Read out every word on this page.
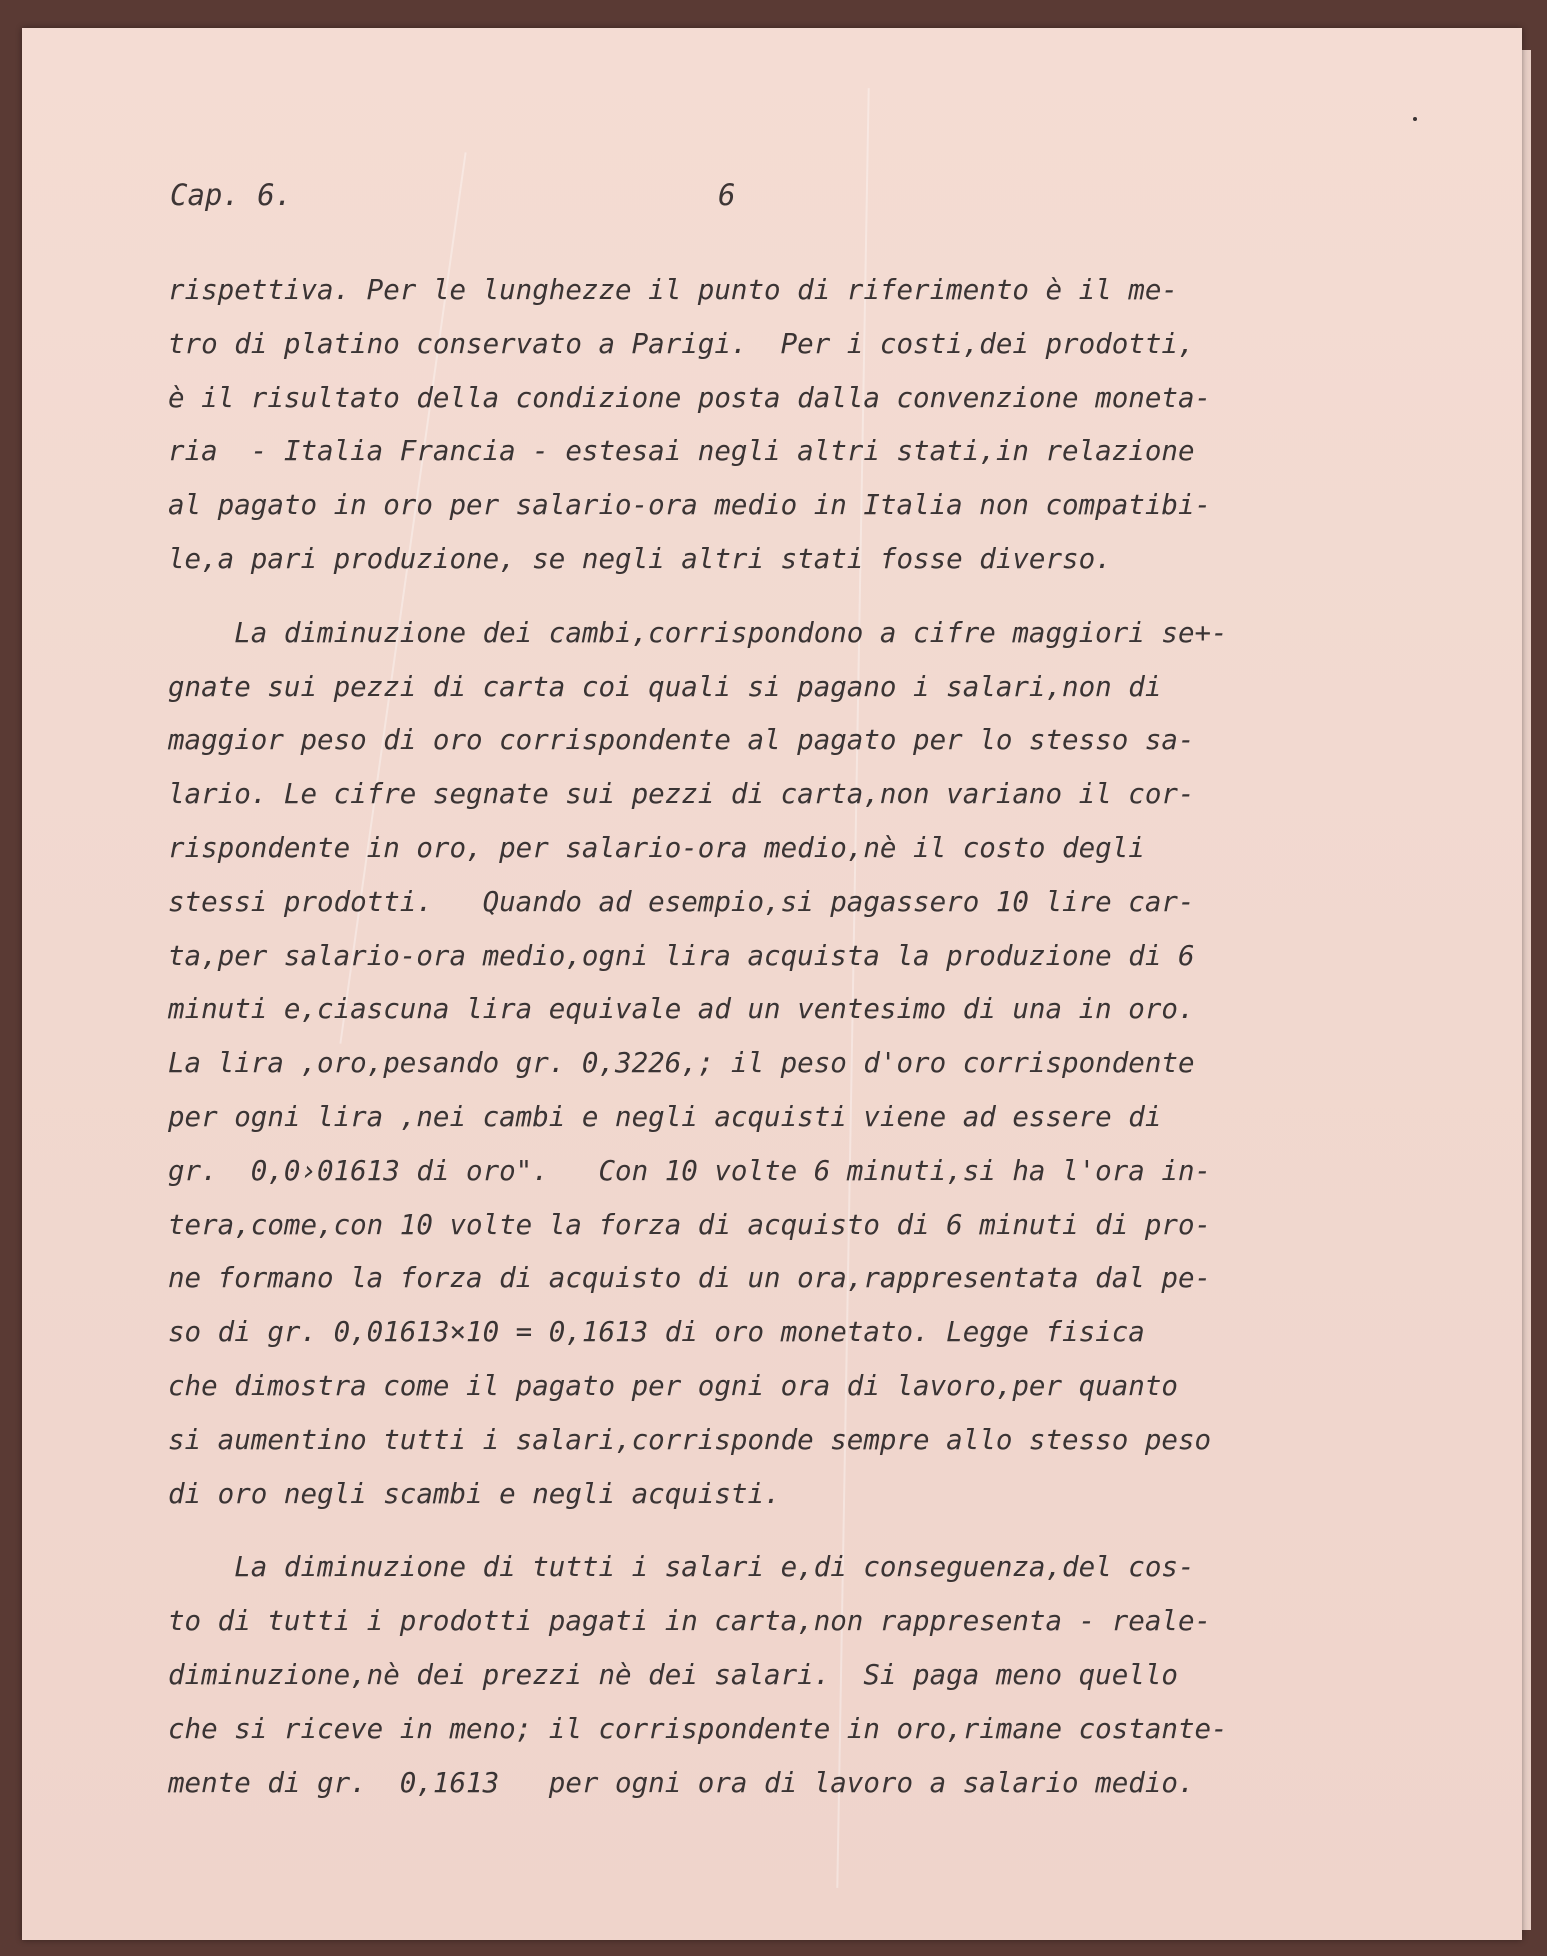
Cap. 6.	6
rispettiva. Per le lunghezze il punto di riferimento è il me-
tro di platino conservato a Parigi.  Per i costi,dei prodotti,
è il risultato della condizione posta dalla convenzione moneta-
ria  - Italia Francia - estesai negli altri stati,in relazione
al pagato in oro per salario-ora medio in Italia non compatibi-
le,a pari produzione, se negli altri stati fosse diverso.
La diminuzione dei cambi,corrispondono a cifre maggiori se+-
gnate sui pezzi di carta coi quali si pagano i salari,non di
maggior peso di oro corrispondente al pagato per lo stesso sa-
lario. Le cifre segnate sui pezzi di carta,non variano il cor-
rispondente in oro, per salario-ora medio,nè il costo degli
stessi prodotti.   Quando ad esempio,si pagassero 10 lire car-
ta,per salario-ora medio,ogni lira acquista la produzione di 6
minuti e,ciascuna lira equivale ad un ventesimo di una in oro.
La lira ,oro,pesando gr. 0,3226,; il peso d'oro corrispondente
per ogni lira ,nei cambi e negli acquisti viene ad essere di
gr.  0,0›01613 di oro".   Con 10 volte 6 minuti,si ha l'ora in-
tera,come,con 10 volte la forza di acquisto di 6 minuti di pro-
ne formano la forza di acquisto di un ora,rappresentata dal pe-
so di gr. 0,01613×10 = 0,1613 di oro monetato. Legge fisica
che dimostra come il pagato per ogni ora di lavoro,per quanto
si aumentino tutti i salari,corrisponde sempre allo stesso peso
di oro negli scambi e negli acquisti.
La diminuzione di tutti i salari e,di conseguenza,del cos-
to di tutti i prodotti pagati in carta,non rappresenta - reale-
diminuzione,nè dei prezzi nè dei salari.  Si paga meno quello
che si riceve in meno; il corrispondente in oro,rimane costante-
mente di gr.  0,1613   per ogni ora di lavoro a salario medio.
